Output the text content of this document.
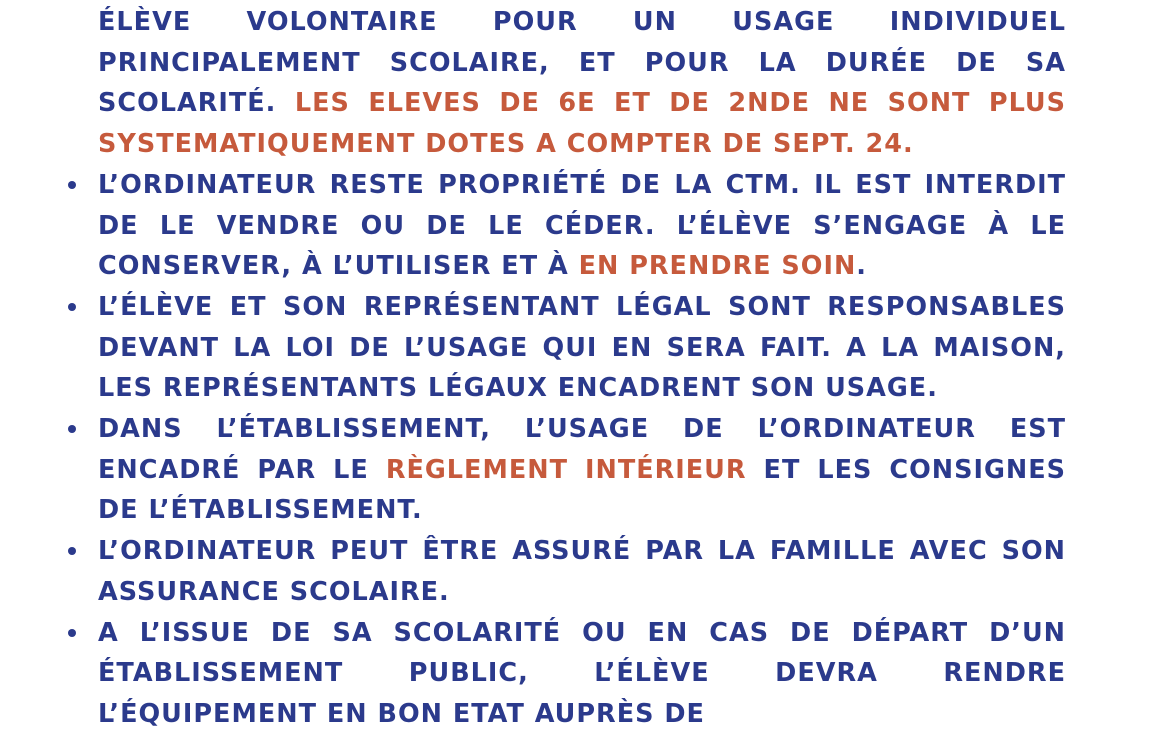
ÉLÈVE VOLONTAIRE POUR UN USAGE INDIVIDUEL PRINCIPALEMENT SCOLAIRE, ET POUR LA DURÉE DE SA SCOLARITÉ. LES ELEVES DE 6E ET DE 2NDE NE SONT PLUS SYSTEMATIQUEMENT DOTES A COMPTER DE SEPT. 24.

L’ORDINATEUR RESTE PROPRIÉTÉ DE LA CTM. IL EST INTERDIT DE LE VENDRE OU DE LE CÉDER. L’ÉLÈVE S’ENGAGE À LE CONSERVER, À L’UTILISER ET À EN PRENDRE SOIN.

L’ÉLÈVE ET SON REPRÉSENTANT LÉGAL SONT RESPONSABLES DEVANT LA LOI DE L’USAGE QUI EN SERA FAIT. A LA MAISON, LES REPRÉSENTANTS LÉGAUX ENCADRENT SON USAGE.

DANS L’ÉTABLISSEMENT, L’USAGE DE L’ORDINATEUR EST ENCADRÉ PAR LE RÈGLEMENT INTÉRIEUR ET LES CONSIGNES DE L’ÉTABLISSEMENT.

L’ORDINATEUR PEUT ÊTRE ASSURÉ PAR LA FAMILLE AVEC SON ASSURANCE SCOLAIRE.

A L’ISSUE DE SA SCOLARITÉ OU EN CAS DE DÉPART D’UN ÉTABLISSEMENT PUBLIC, L’ÉLÈVE DEVRA RENDRE L’ÉQUIPEMENT EN BON ETAT AUPRÈS DE
